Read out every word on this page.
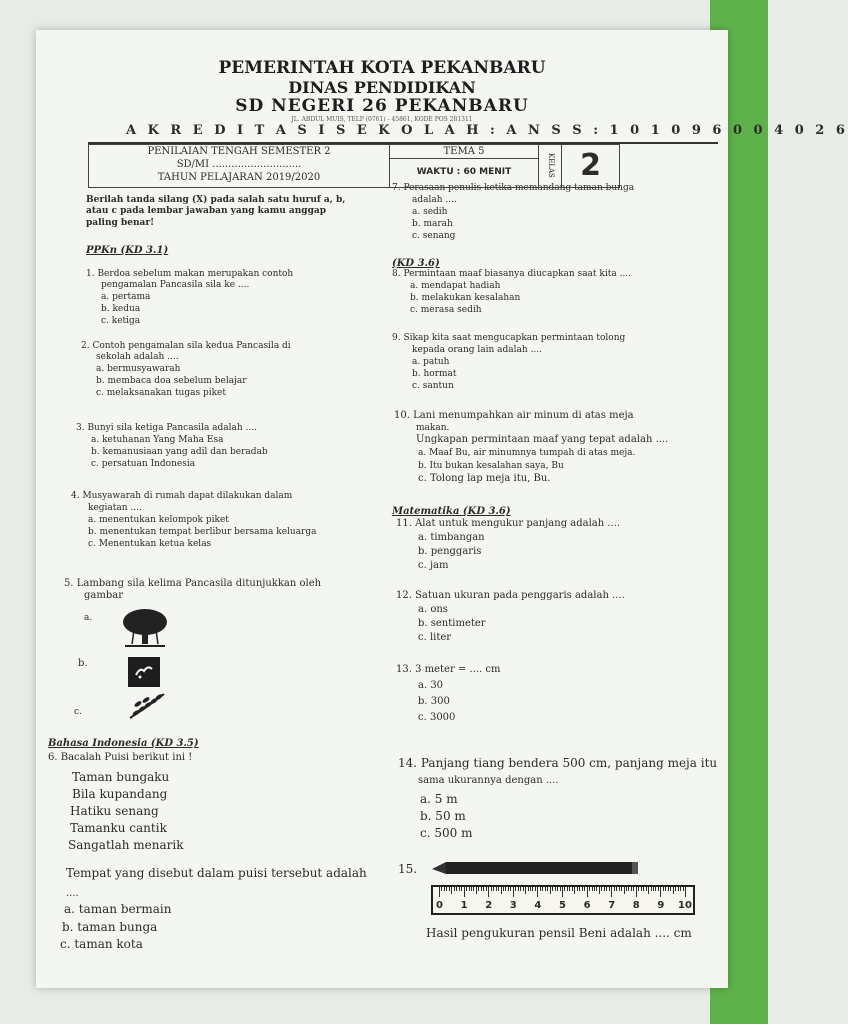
PEMERINTAH KOTA PEKANBARU
DINAS PENDIDIKAN
SD NEGERI 26 PEKANBARU
JL. ABDUL MUIS, TELP (0761) - 45861, KODE POS 281311
A K R E D I T A S I S E K O L A H : A N S S : 1 0 1 0 9 6 0 0 4 0 2 6
PENILAIAN TENGAH SEMESTER 2
SD/MI ............................
TAHUN PELAJARAN 2019/2020
TEMA 5
WAKTU : 60 MENIT	KELAS 2
Berilah tanda silang (X) pada salah satu huruf a, b,
atau c pada lembar jawaban yang kamu anggap
paling benar!
PPKn (KD 3.1)
1. Berdoa sebelum makan merupakan contoh
pengamalan Pancasila sila ke ....
a. pertama
b. kedua
c. ketiga
2. Contoh pengamalan sila kedua Pancasila di
sekolah adalah ....
a. bermusyawarah
b. membaca doa sebelum belajar
c. melaksanakan tugas piket
3. Bunyi sila ketiga Pancasila adalah ....
a. ketuhanan Yang Maha Esa
b. kemanusiaan yang adil dan beradab
c. persatuan Indonesia
4. Musyawarah di rumah dapat dilakukan dalam
kegiatan ....
a. menentukan kelompok piket
b. menentukan tempat berlibur bersama keluarga
c. Menentukan ketua kelas
5. Lambang sila kelima Pancasila ditunjukkan oleh
gambar
a.
b.
c.
Bahasa Indonesia (KD 3.5)
6. Bacalah Puisi berikut ini !
Taman bungaku
Bila kupandang
Hatiku senang
Tamanku cantik
Sangatlah menarik
Tempat yang disebut dalam puisi tersebut adalah
....
a. taman bermain
b. taman bunga
c. taman kota
7. Perasaan penulis ketika memandang taman bunga
adalah ....
a. sedih
b. marah
c. senang
(KD 3.6)
8. Permintaan maaf biasanya diucapkan saat kita ....
a. mendapat hadiah
b. melakukan kesalahan
c. merasa sedih
9. Sikap kita saat mengucapkan permintaan tolong
kepada orang lain adalah ....
a. patuh
b. hormat
c. santun
10. Lani menumpahkan air minum di atas meja
makan.
Ungkapan permintaan maaf yang tepat adalah ....
a. Maaf Bu, air minumnya tumpah di atas meja.
b. Itu bukan kesalahan saya, Bu
c. Tolong lap meja itu, Bu.
Matematika (KD 3.6)
11. Alat untuk mengukur panjang adalah ....
a. timbangan
b. penggaris
c. jam
12. Satuan ukuran pada penggaris adalah ....
a. ons
b. sentimeter
c. liter
13. 3 meter = .... cm
a. 30
b. 300
c. 3000
14. Panjang tiang bendera 500 cm, panjang meja itu
sama ukurannya dengan ....
a. 5 m
b. 50 m
c. 500 m
15.
0 1 2 3 4 5 6 7 8 9 10
Hasil pengukuran pensil Beni adalah .... cm
